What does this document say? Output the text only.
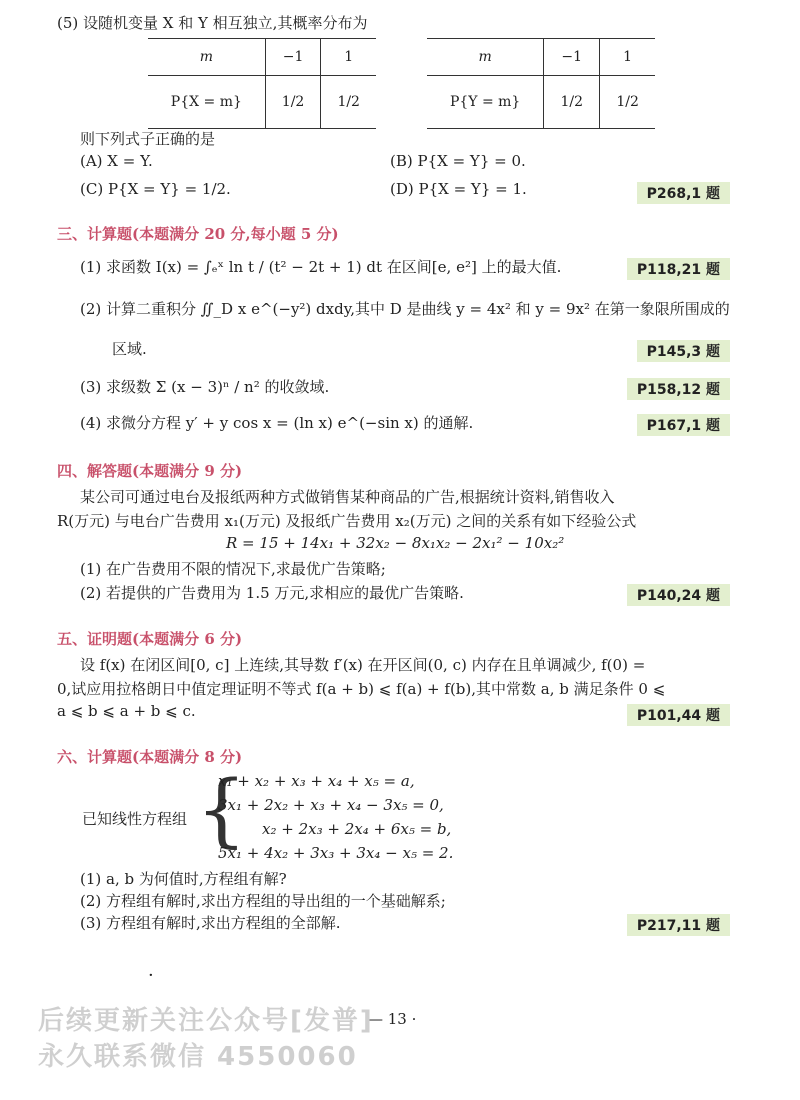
(5) 设随机变量 X 和 Y 相互独立,其概率分布为
m	−1	1
P{X = m}	1/2	1/2
m	−1	1
P{Y = m}	1/2	1/2
则下列式子正确的是
(A) X = Y.	(B) P{X = Y} = 0.
(C) P{X = Y} = 1/2.	(D) P{X = Y} = 1.	P268,1 题
三、计算题(本题满分 20 分,每小题 5 分)
(1) 求函数 I(x) = ∫ₑˣ ln t / (t² − 2t + 1) dt 在区间[e, e²] 上的最大值.	P118,21 题
(2) 计算二重积分 ∬_D x e^(−y²) dxdy,其中 D 是曲线 y = 4x² 和 y = 9x² 在第一象限所围成的
区域.	P145,3 题
(3) 求级数 Σ (x − 3)ⁿ / n² 的收敛域.	P158,12 题
(4) 求微分方程 y′ + y cos x = (ln x) e^(−sin x) 的通解.	P167,1 题
四、解答题(本题满分 9 分)
某公司可通过电台及报纸两种方式做销售某种商品的广告,根据统计资料,销售收入
R(万元) 与电台广告费用 x₁(万元) 及报纸广告费用 x₂(万元) 之间的关系有如下经验公式
R = 15 + 14x₁ + 32x₂ − 8x₁x₂ − 2x₁² − 10x₂²
(1) 在广告费用不限的情况下,求最优广告策略;
(2) 若提供的广告费用为 1.5 万元,求相应的最优广告策略.	P140,24 题
五、证明题(本题满分 6 分)
设 f(x) 在闭区间[0, c] 上连续,其导数 f′(x) 在开区间(0, c) 内存在且单调减少, f(0) =
0,试应用拉格朗日中值定理证明不等式 f(a + b) ⩽ f(a) + f(b),其中常数 a, b 满足条件 0 ⩽
a ⩽ b ⩽ a + b ⩽ c.	P101,44 题
六、计算题(本题满分 8 分)
已知线性方程组 {
x₁ + x₂ + x₃ + x₄ + x₅ = a,
3x₁ + 2x₂ + x₃ + x₄ − 3x₅ = 0,
x₂ + 2x₃ + 2x₄ + 6x₅ = b,
5x₁ + 4x₂ + 3x₃ + 3x₄ − x₅ = 2.
(1) a, b 为何值时,方程组有解?
(2) 方程组有解时,求出方程组的导出组的一个基础解系;
(3) 方程组有解时,求出方程组的全部解.	P217,11 题
·
— 13 ·
后续更新关注公众号[发普]
永久联系微信 4550060
